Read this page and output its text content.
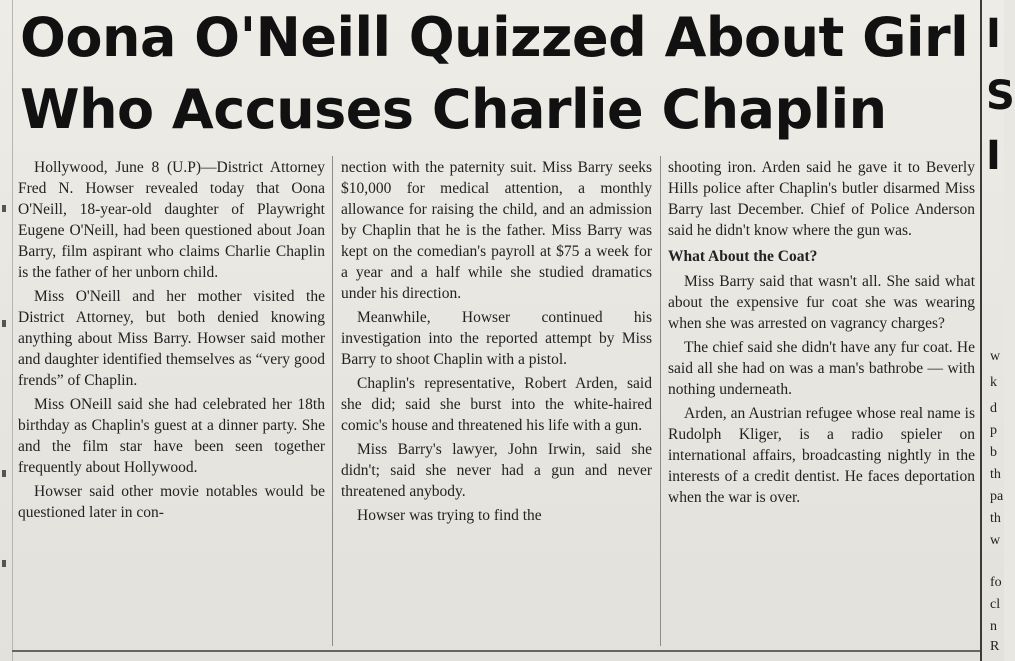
Oona O'Neill Quizzed About Girl
Who Accuses Charlie Chaplin

Hollywood, June 8 (U.P)—District Attorney Fred N. Howser revealed today that Oona O'Neill, 18-year-old daughter of Playwright Eugene O'Neill, had been questioned about Joan Barry, film aspirant who claims Charlie Chaplin is the father of her unborn child.

Miss O'Neill and her mother visited the District Attorney, but both denied knowing anything about Miss Barry. Howser said mother and daughter identified themselves as “very good frends” of Chaplin.

Miss ONeill said she had celebrated her 18th birthday as Chaplin's guest at a dinner party. She and the film star have been seen together frequently about Hollywood.

Howser said other movie notables would be questioned later in con-

nection with the paternity suit. Miss Barry seeks $10,000 for medical attention, a monthly allowance for raising the child, and an admission by Chaplin that he is the father. Miss Barry was kept on the comedian's payroll at $75 a week for a year and a half while she studied dramatics under his direction.

Meanwhile, Howser continued his investigation into the reported attempt by Miss Barry to shoot Chaplin with a pistol.

Chaplin's representative, Robert Arden, said she did; said she burst into the white-haired comic's house and threatened his life with a gun.

Miss Barry's lawyer, John Irwin, said she didn't; said she never had a gun and never threatened anybody.

Howser was trying to find the

shooting iron. Arden said he gave it to Beverly Hills police after Chaplin's butler disarmed Miss Barry last December. Chief of Police Anderson said he didn't know where the gun was.

What About the Coat?

Miss Barry said that wasn't all. She said what about the expensive fur coat she was wearing when she was arrested on vagrancy charges?

The chief said she didn't have any fur coat. He said all she had on was a man's bathrobe — with nothing underneath.

Arden, an Austrian refugee whose real name is Rudolph Kliger, is a radio spieler on international affairs, broadcasting nightly in the interests of a credit dentist. He faces deportation when the war is over.

I
S
I
w
k
d
p
b
th
pa
th
w
fo
cl
n
R
